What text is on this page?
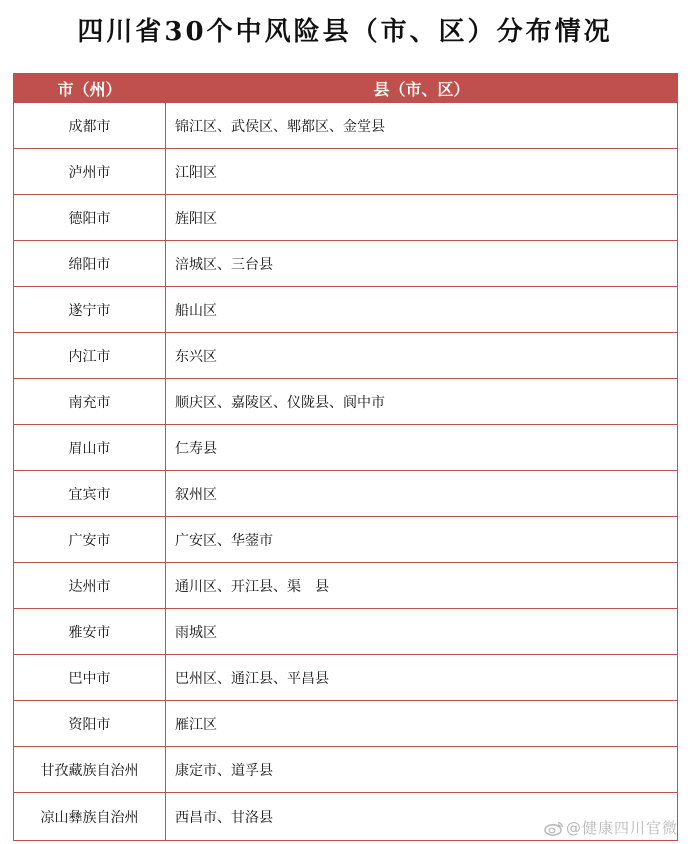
四川省30个中风险县（市、区）分布情况
市（州）	县（市、区）
成都市	锦江区、武侯区、郫都区、金堂县
泸州市	江阳区
德阳市	旌阳区
绵阳市	涪城区、三台县
遂宁市	船山区
内江市	东兴区
南充市	顺庆区、嘉陵区、仪陇县、阆中市
眉山市	仁寿县
宜宾市	叙州区
广安市	广安区、华蓥市
达州市	通川区、开江县、渠　县
雅安市	雨城区
巴中市	巴州区、通江县、平昌县
资阳市	雁江区
甘孜藏族自治州	康定市、道孚县
凉山彝族自治州	西昌市、甘洛县
@健康四川官微
